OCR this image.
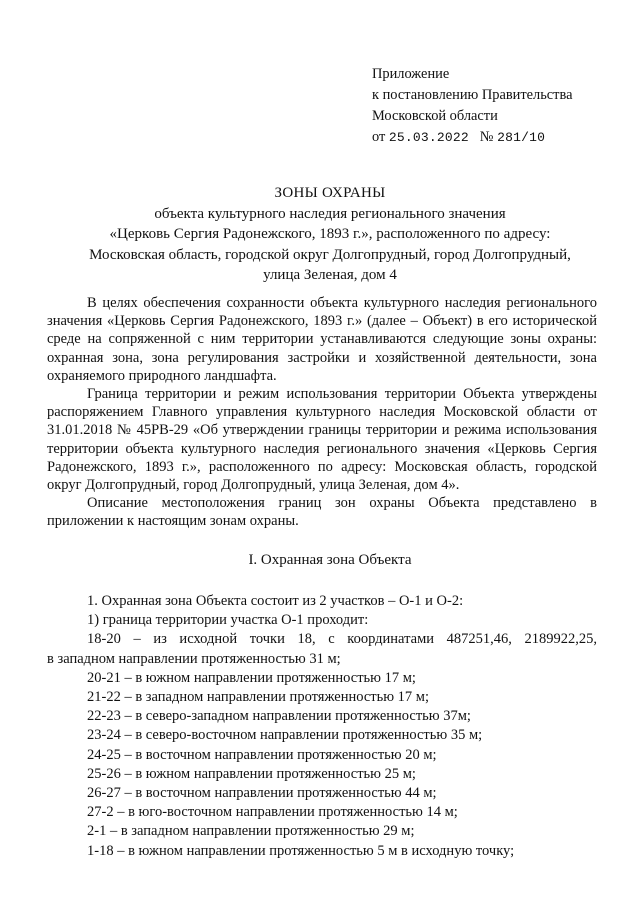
Приложение
к постановлению Правительства
Московской области
от 25.03.2022 № 281/10
ЗОНЫ ОХРАНЫ
объекта культурного наследия регионального значения
«Церковь Сергия Радонежского, 1893 г.», расположенного по адресу:
Московская область, городской округ Долгопрудный, город Долгопрудный,
улица Зеленая, дом 4

В целях обеспечения сохранности объекта культурного наследия регионального значения «Церковь Сергия Радонежского, 1893 г.» (далее – Объект) в его исторической среде на сопряженной с ним территории устанавливаются следующие зоны охраны: охранная зона, зона регулирования застройки и хозяйственной деятельности, зона охраняемого природного ландшафта.

Граница территории и режим использования территории Объекта утверждены распоряжением Главного управления культурного наследия Московской области от 31.01.2018 № 45РВ-29 «Об утверждении границы территории и режима использования территории объекта культурного наследия регионального значения «Церковь Сергия Радонежского, 1893 г.», расположенного по адресу: Московская область, городской округ Долгопрудный, город Долгопрудный, улица Зеленая, дом 4».

Описание местоположения границ зон охраны Объекта представлено в приложении к настоящим зонам охраны.

I. Охранная зона Объекта
1. Охранная зона Объекта состоит из 2 участков – О-1 и О-2:
1) граница территории участка О-1 проходит:
18-20 – из исходной точки 18, с координатами 487251,46, 2189922,25,
в западном направлении протяженностью 31 м;
20-21 – в южном направлении протяженностью 17 м;
21-22 – в западном направлении протяженностью 17 м;
22-23 – в северо-западном направлении протяженностью 37м;
23-24 – в северо-восточном направлении протяженностью 35 м;
24-25 – в восточном направлении протяженностью 20 м;
25-26 – в южном направлении протяженностью 25 м;
26-27 – в восточном направлении протяженностью 44 м;
27-2 – в юго-восточном направлении протяженностью 14 м;
2-1 – в западном направлении протяженностью 29 м;
1-18 – в южном направлении протяженностью 5 м в исходную точку;
